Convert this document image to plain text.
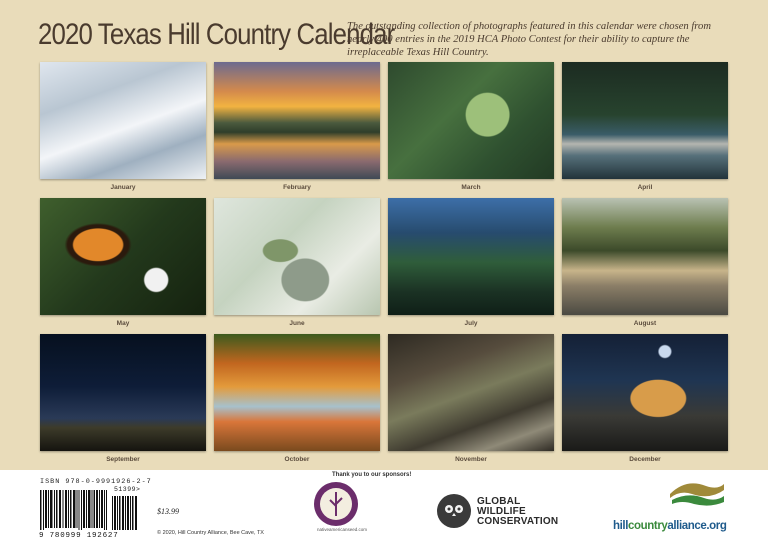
2020 Texas Hill Country Calendar
The outstanding collection of photographs featured in this calendar were chosen from nearly 400 entries in the 2019 HCA Photo Contest for their ability to capture the irreplaceable Texas Hill Country.
January	February	March	April
May	June	July	August
September	October	November	December
ISBN 978-0-9991926-2-7
51399>
9 780999 192627
$13.99
© 2020, Hill Country Alliance, Bee Cave, TX
Thank you to our sponsors!
nativeamericanseed.com
GLOBAL
WILDLIFE
CONSERVATION	hillcountryalliance.org
